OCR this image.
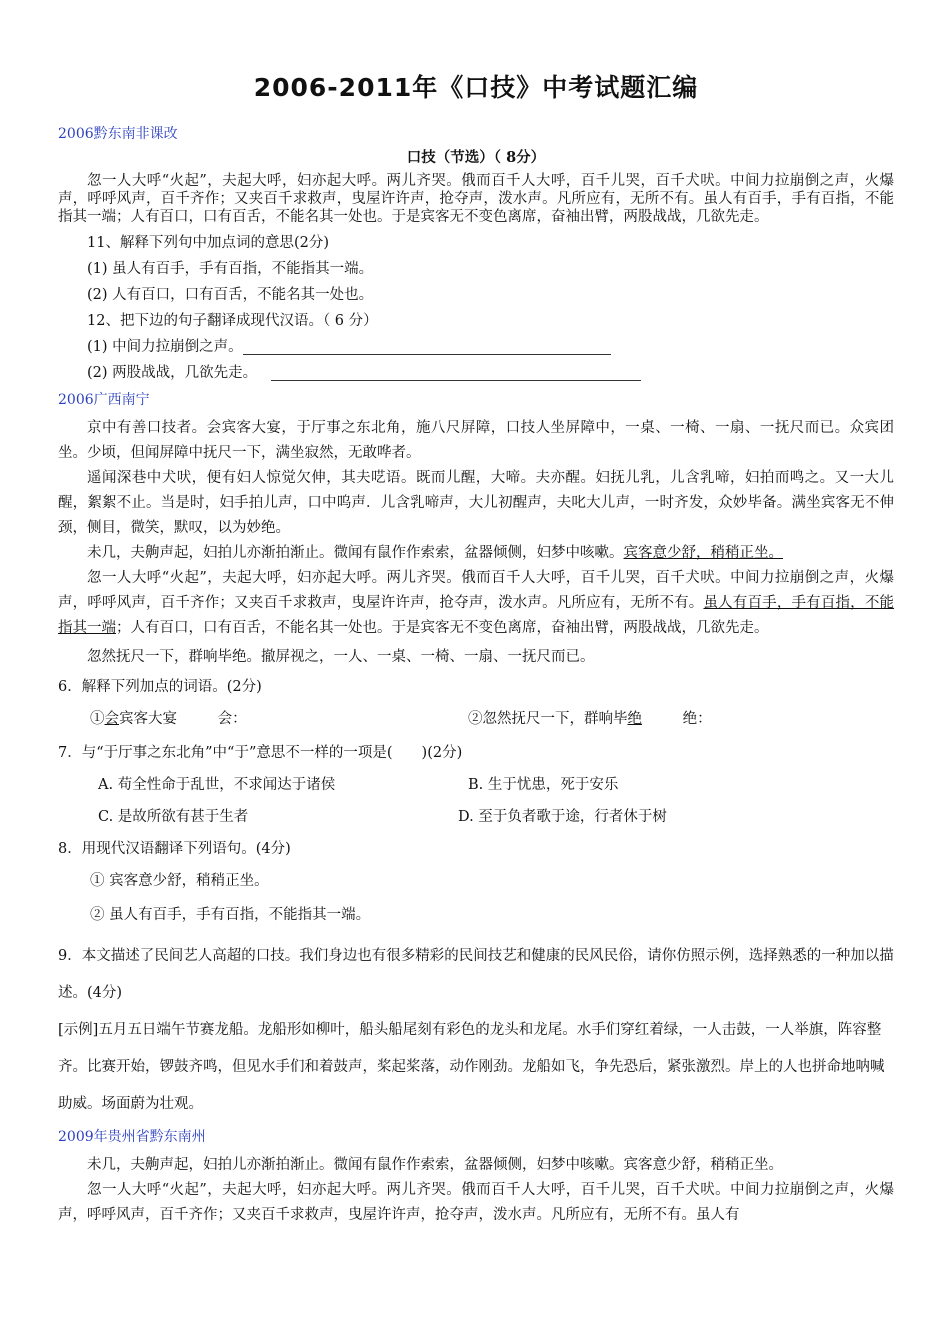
2006-2011年《口技》中考试题汇编
2006黔东南非课改
口技（节选）（ 8分）

忽一人大呼“火起”，夫起大呼，妇亦起大呼。两儿齐哭。俄而百千人大呼，百千儿哭，百千犬吠。中间力拉崩倒之声，火爆声，呼呼风声，百千齐作；又夹百千求救声，曳屋许许声，抢夺声，泼水声。凡所应有，无所不有。虽人有百手，手有百指，不能指其一端；人有百口，口有百舌，不能名其一处也。于是宾客无不变色离席，奋袖出臂，两股战战，几欲先走。

11、解释下列句中加点词的意思(2分)
(1) 虽人有百手，手有百指，不能指其一端。
(2) 人有百口，口有百舌，不能名其一处也。
12、把下边的句子翻译成现代汉语。（ 6 分）
(1) 中间力拉崩倒之声。
(2) 两股战战，几欲先走。
2006广西南宁

京中有善口技者。会宾客大宴，于厅事之东北角，施八尺屏障，口技人坐屏障中，一桌、一椅、一扇、一抚尺而已。众宾团坐。少顷，但闻屏障中抚尺一下，满坐寂然，无敢哗者。

遥闻深巷中犬吠，便有妇人惊觉欠伸，其夫呓语。既而儿醒，大啼。夫亦醒。妇抚儿乳，儿含乳啼，妇拍而鸣之。又一大儿醒，絮絮不止。当是时，妇手拍儿声，口中呜声．儿含乳啼声，大儿初醒声，夫叱大儿声，一时齐发，众妙毕备。满坐宾客无不伸颈，侧目，微笑，默叹，以为妙绝。

未几，夫齁声起，妇拍儿亦渐拍渐止。微闻有鼠作作索索，盆器倾侧，妇梦中咳嗽。宾客意少舒，稍稍正坐。

忽一人大呼“火起”，夫起大呼，妇亦起大呼。两儿齐哭。俄而百千人大呼，百千儿哭，百千犬吠。中间力拉崩倒之声，火爆声，呼呼风声，百千齐作；又夹百千求救声，曳屋许许声，抢夺声，泼水声。凡所应有，无所不有。虽人有百手，手有百指，不能指其一端；人有百口，口有百舌，不能名其一处也。于是宾客无不变色离席，奋袖出臂，两股战战，几欲先走。

忽然抚尺一下，群响毕绝。撤屏视之，一人、一桌、一椅、一扇、一抚尺而已。

6．解释下列加点的词语。(2分)
①会宾客大宴	会：	②忽然抚尺一下，群响毕绝	绝：
7．与“于厅事之东北角”中“于”意思不一样的一项是(　　)(2分)
A. 苟全性命于乱世，不求闻达于诸侯	B. 生于忧患，死于安乐
C. 是故所欲有甚于生者	D. 至于负者歌于途，行者休于树
8．用现代汉语翻译下列语句。(4分)
① 宾客意少舒，稍稍正坐。
② 虽人有百手，手有百指，不能指其一端。

9．本文描述了民间艺人高超的口技。我们身边也有很多精彩的民间技艺和健康的民风民俗，请你仿照示例，选择熟悉的一种加以描述。(4分)

[示例]五月五日端午节赛龙船。龙船形如柳叶，船头船尾刻有彩色的龙头和龙尾。水手们穿红着绿，一人击鼓，一人举旗，阵容整齐。比赛开始，锣鼓齐鸣，但见水手们和着鼓声，桨起桨落，动作刚劲。龙船如飞，争先恐后，紧张激烈。岸上的人也拼命地呐喊助威。场面蔚为壮观。

2009年贵州省黔东南州

未几，夫齁声起，妇拍儿亦渐拍渐止。微闻有鼠作作索索，盆器倾侧，妇梦中咳嗽。宾客意少舒，稍稍正坐。

忽一人大呼“火起”，夫起大呼，妇亦起大呼。两儿齐哭。俄而百千人大呼，百千儿哭，百千犬吠。中间力拉崩倒之声，火爆声，呼呼风声，百千齐作；又夹百千求救声，曳屋许许声，抢夺声，泼水声。凡所应有，无所不有。虽人有
